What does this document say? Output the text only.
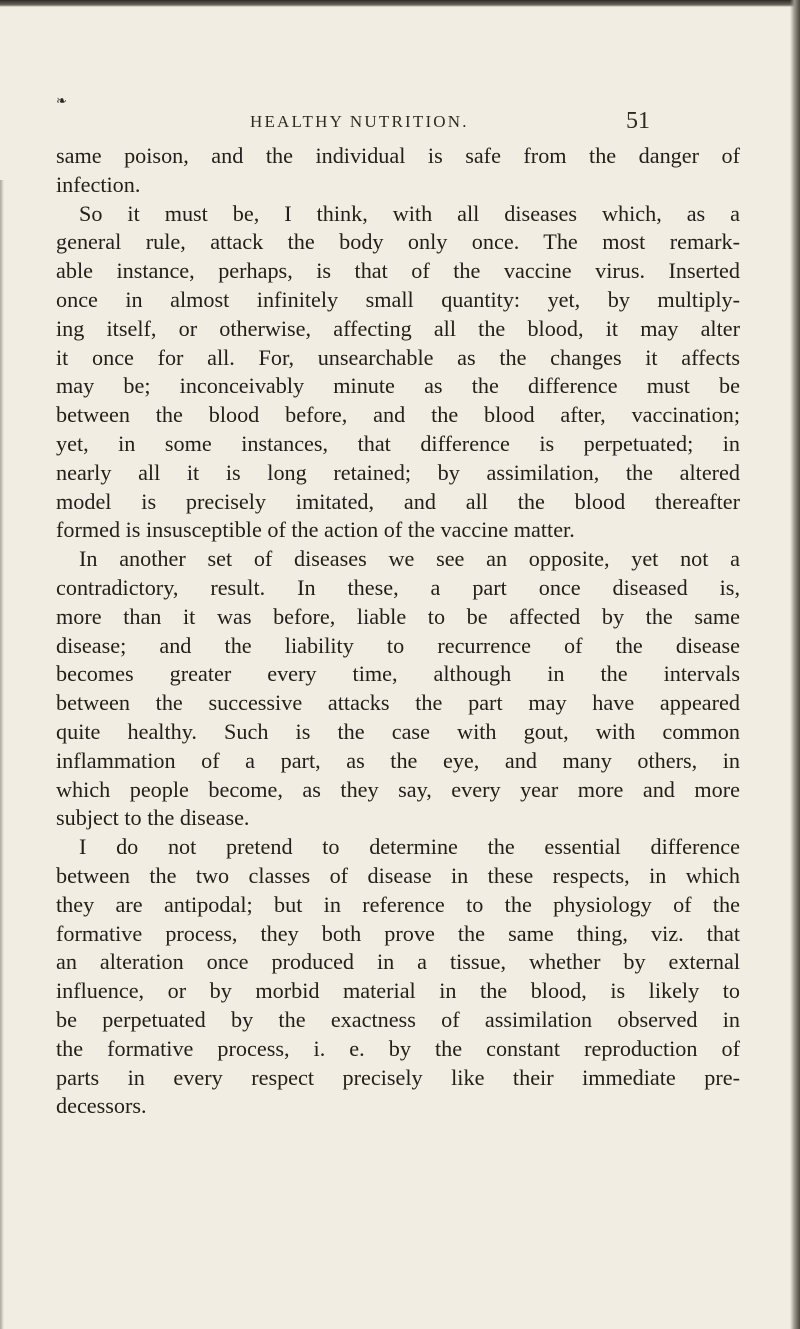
❧
HEALTHY NUTRITION.	51
same poison, and the individual is safe from the danger of
infection.
So it must be, I think, with all diseases which, as a
general rule, attack the body only once. The most remark-
able instance, perhaps, is that of the vaccine virus. Inserted
once in almost infinitely small quantity: yet, by multiply-
ing itself, or otherwise, affecting all the blood, it may alter
it once for all. For, unsearchable as the changes it affects
may be; inconceivably minute as the difference must be
between the blood before, and the blood after, vaccination;
yet, in some instances, that difference is perpetuated; in
nearly all it is long retained; by assimilation, the altered
model is precisely imitated, and all the blood thereafter
formed is insusceptible of the action of the vaccine matter.
In another set of diseases we see an opposite, yet not a
contradictory, result. In these, a part once diseased is,
more than it was before, liable to be affected by the same
disease; and the liability to recurrence of the disease
becomes greater every time, although in the intervals
between the successive attacks the part may have appeared
quite healthy. Such is the case with gout, with common
inflammation of a part, as the eye, and many others, in
which people become, as they say, every year more and more
subject to the disease.
I do not pretend to determine the essential difference
between the two classes of disease in these respects, in which
they are antipodal; but in reference to the physiology of the
formative process, they both prove the same thing, viz. that
an alteration once produced in a tissue, whether by external
influence, or by morbid material in the blood, is likely to
be perpetuated by the exactness of assimilation observed in
the formative process, i. e. by the constant reproduction of
parts in every respect precisely like their immediate pre-
decessors.
